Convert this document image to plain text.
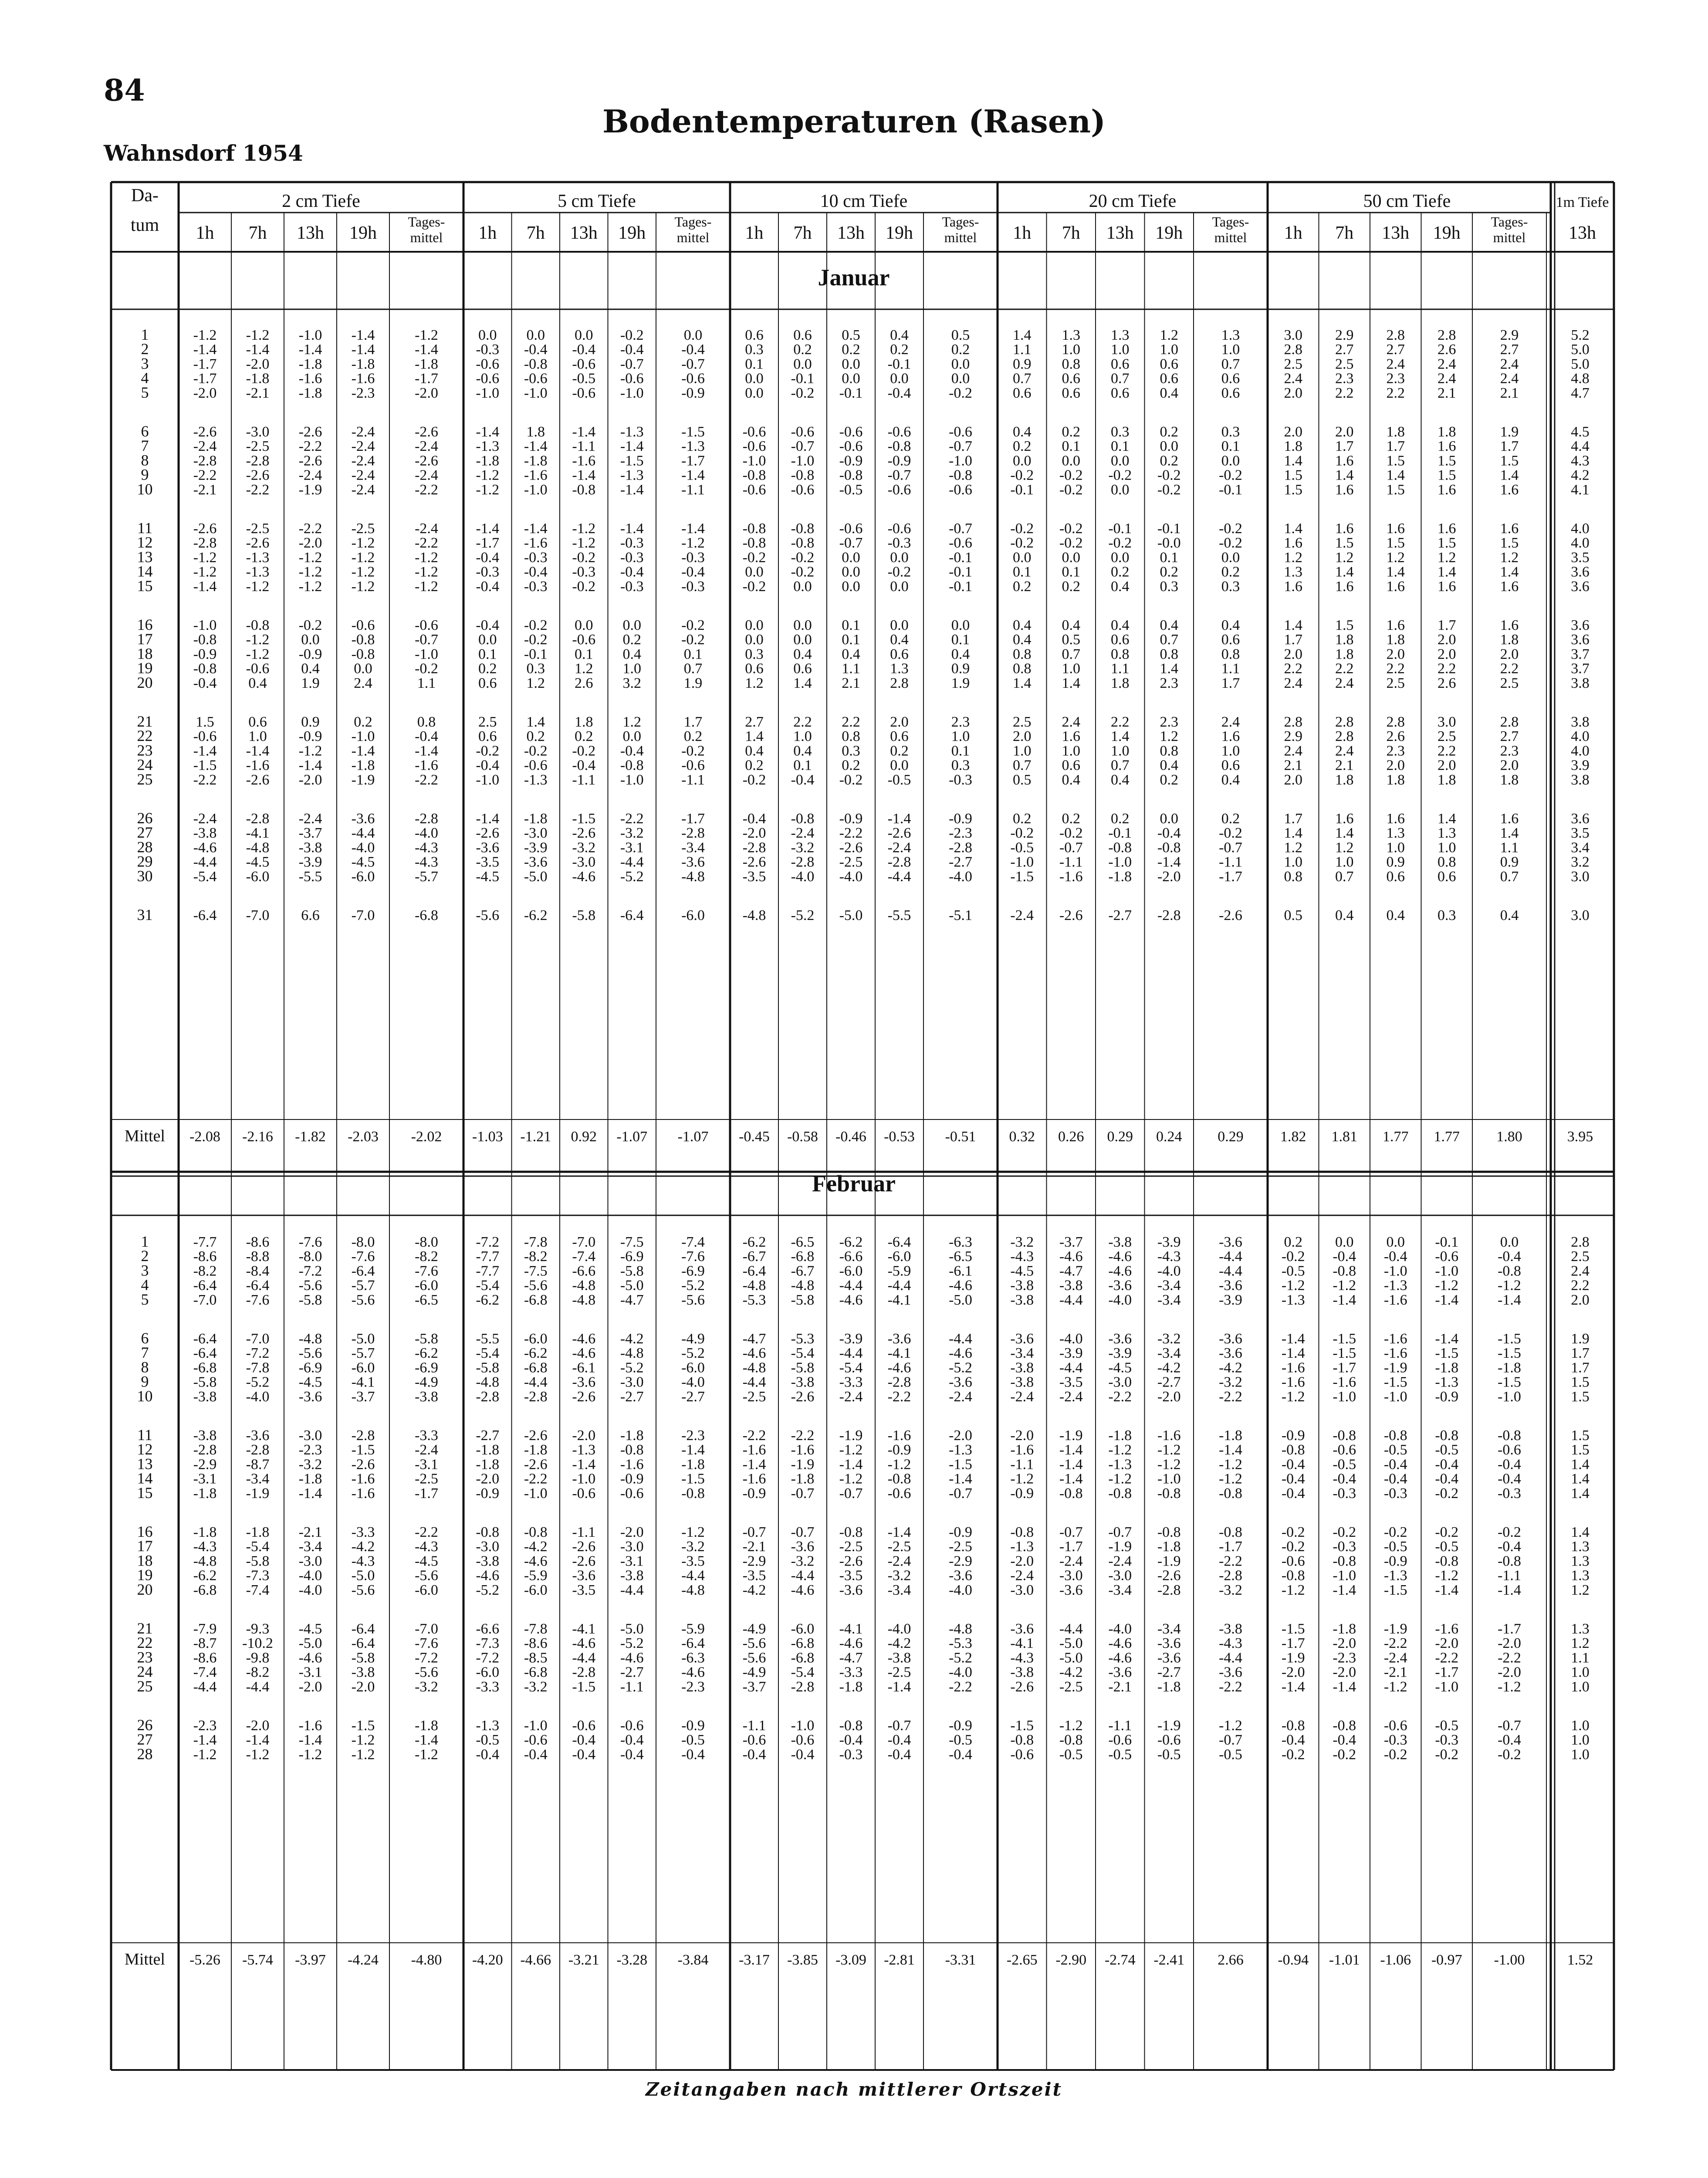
84
Wahnsdorf 1954
Bodentemperaturen (Rasen)
Da-
tum
2 cm Tiefe
1h 7h 13h 19h
Tages-
mittel
5 cm Tiefe
1h 7h 13h 19h
Tages-
mittel
10 cm Tiefe
1h 7h 13h 19h
Tages-
mittel
20 cm Tiefe
1h 7h 13h 19h
Tages-
mittel
50 cm Tiefe
1h 7h 13h 19h
Tages-
mittel
1m Tiefe
13h
Januar
1	-1.2 -1.2 -1.0 -1.4	-1.2	0.0 0.0 0.0 -0.2	0.0	0.6 0.6 0.5 0.4	0.5	1.4 1.3 1.3 1.2	1.3	3.0 2.9 2.8 2.8	2.9	5.2
2	-1.4 -1.4 -1.4 -1.4	-1.4	-0.3 -0.4 -0.4 -0.4	-0.4	0.3 0.2 0.2 0.2	0.2	1.1 1.0 1.0 1.0	1.0	2.8 2.7 2.7 2.6	2.7	5.0
3	-1.7 -2.0 -1.8 -1.8	-1.8	-0.6 -0.8 -0.6 -0.7	-0.7	0.1 0.0 0.0 -0.1	0.0	0.9 0.8 0.6 0.6	0.7	2.5 2.5 2.4 2.4	2.4	5.0
4	-1.7 -1.8 -1.6 -1.6	-1.7	-0.6 -0.6 -0.5 -0.6	-0.6	0.0 -0.1 0.0 0.0	0.0	0.7 0.6 0.7 0.6	0.6	2.4 2.3 2.3 2.4	2.4	4.8
5	-2.0 -2.1 -1.8 -2.3	-2.0	-1.0 -1.0 -0.6 -1.0	-0.9	0.0 -0.2 -0.1 -0.4	-0.2	0.6 0.6 0.6 0.4	0.6	2.0 2.2 2.2 2.1	2.1	4.7
6	-2.6 -3.0 -2.6 -2.4	-2.6	-1.4 1.8 -1.4 -1.3	-1.5	-0.6 -0.6 -0.6 -0.6	-0.6	0.4 0.2 0.3 0.2	0.3	2.0 2.0 1.8 1.8	1.9	4.5
7	-2.4 -2.5 -2.2 -2.4	-2.4	-1.3 -1.4 -1.1 -1.4	-1.3	-0.6 -0.7 -0.6 -0.8	-0.7	0.2 0.1 0.1 0.0	0.1	1.8 1.7 1.7 1.6	1.7	4.4
8	-2.8 -2.8 -2.6 -2.4	-2.6	-1.8 -1.8 -1.6 -1.5	-1.7	-1.0 -1.0 -0.9 -0.9	-1.0	0.0 0.0 0.0 0.2	0.0	1.4 1.6 1.5 1.5	1.5	4.3
9	-2.2 -2.6 -2.4 -2.4	-2.4	-1.2 -1.6 -1.4 -1.3	-1.4	-0.8 -0.8 -0.8 -0.7	-0.8	-0.2 -0.2 -0.2 -0.2	-0.2	1.5 1.4 1.4 1.5	1.4	4.2
10	-2.1 -2.2 -1.9 -2.4	-2.2	-1.2 -1.0 -0.8 -1.4	-1.1	-0.6 -0.6 -0.5 -0.6	-0.6	-0.1 -0.2 0.0 -0.2	-0.1	1.5 1.6 1.5 1.6	1.6	4.1
11	-2.6 -2.5 -2.2 -2.5	-2.4	-1.4 -1.4 -1.2 -1.4	-1.4	-0.8 -0.8 -0.6 -0.6	-0.7	-0.2 -0.2 -0.1 -0.1	-0.2	1.4 1.6 1.6 1.6	1.6	4.0
12	-2.8 -2.6 -2.0 -1.2	-2.2	-1.7 -1.6 -1.2 -0.3	-1.2	-0.8 -0.8 -0.7 -0.3	-0.6	-0.2 -0.2 -0.2 -0.0	-0.2	1.6 1.5 1.5 1.5	1.5	4.0
13	-1.2 -1.3 -1.2 -1.2	-1.2	-0.4 -0.3 -0.2 -0.3	-0.3	-0.2 -0.2 0.0 0.0	-0.1	0.0 0.0 0.0 0.1	0.0	1.2 1.2 1.2 1.2	1.2	3.5
14	-1.2 -1.3 -1.2 -1.2	-1.2	-0.3 -0.4 -0.3 -0.4	-0.4	0.0 -0.2 0.0 -0.2	-0.1	0.1 0.1 0.2 0.2	0.2	1.3 1.4 1.4 1.4	1.4	3.6
15	-1.4 -1.2 -1.2 -1.2	-1.2	-0.4 -0.3 -0.2 -0.3	-0.3	-0.2 0.0 0.0 0.0	-0.1	0.2 0.2 0.4 0.3	0.3	1.6 1.6 1.6 1.6	1.6	3.6
16	-1.0 -0.8 -0.2 -0.6	-0.6	-0.4 -0.2 0.0 0.0	-0.2	0.0 0.0 0.1 0.0	0.0	0.4 0.4 0.4 0.4	0.4	1.4 1.5 1.6 1.7	1.6	3.6
17	-0.8 -1.2 0.0 -0.8	-0.7	0.0 -0.2 -0.6 0.2	-0.2	0.0 0.0 0.1 0.4	0.1	0.4 0.5 0.6 0.7	0.6	1.7 1.8 1.8 2.0	1.8	3.6
18	-0.9 -1.2 -0.9 -0.8	-1.0	0.1 -0.1 0.1 0.4	0.1	0.3 0.4 0.4 0.6	0.4	0.8 0.7 0.8 0.8	0.8	2.0 1.8 2.0 2.0	2.0	3.7
19	-0.8 -0.6 0.4 0.0	-0.2	0.2 0.3 1.2 1.0	0.7	0.6 0.6 1.1 1.3	0.9	0.8 1.0 1.1 1.4	1.1	2.2 2.2 2.2 2.2	2.2	3.7
20	-0.4 0.4 1.9 2.4	1.1	0.6 1.2 2.6 3.2	1.9	1.2 1.4 2.1 2.8	1.9	1.4 1.4 1.8 2.3	1.7	2.4 2.4 2.5 2.6	2.5	3.8
21	1.5 0.6 0.9 0.2	0.8	2.5 1.4 1.8 1.2	1.7	2.7 2.2 2.2 2.0	2.3	2.5 2.4 2.2 2.3	2.4	2.8 2.8 2.8 3.0	2.8	3.8
22	-0.6 1.0 -0.9 -1.0	-0.4	0.6 0.2 0.2 0.0	0.2	1.4 1.0 0.8 0.6	1.0	2.0 1.6 1.4 1.2	1.6	2.9 2.8 2.6 2.5	2.7	4.0
23	-1.4 -1.4 -1.2 -1.4	-1.4	-0.2 -0.2 -0.2 -0.4	-0.2	0.4 0.4 0.3 0.2	0.1	1.0 1.0 1.0 0.8	1.0	2.4 2.4 2.3 2.2	2.3	4.0
24	-1.5 -1.6 -1.4 -1.8	-1.6	-0.4 -0.6 -0.4 -0.8	-0.6	0.2 0.1 0.2 0.0	0.3	0.7 0.6 0.7 0.4	0.6	2.1 2.1 2.0 2.0	2.0	3.9
25	-2.2 -2.6 -2.0 -1.9	-2.2	-1.0 -1.3 -1.1 -1.0	-1.1	-0.2 -0.4 -0.2 -0.5	-0.3	0.5 0.4 0.4 0.2	0.4	2.0 1.8 1.8 1.8	1.8	3.8
26	-2.4 -2.8 -2.4 -3.6	-2.8	-1.4 -1.8 -1.5 -2.2	-1.7	-0.4 -0.8 -0.9 -1.4	-0.9	0.2 0.2 0.2 0.0	0.2	1.7 1.6 1.6 1.4	1.6	3.6
27	-3.8 -4.1 -3.7 -4.4	-4.0	-2.6 -3.0 -2.6 -3.2	-2.8	-2.0 -2.4 -2.2 -2.6	-2.3	-0.2 -0.2 -0.1 -0.4	-0.2	1.4 1.4 1.3 1.3	1.4	3.5
28	-4.6 -4.8 -3.8 -4.0	-4.3	-3.6 -3.9 -3.2 -3.1	-3.4	-2.8 -3.2 -2.6 -2.4	-2.8	-0.5 -0.7 -0.8 -0.8	-0.7	1.2 1.2 1.0 1.0	1.1	3.4
29	-4.4 -4.5 -3.9 -4.5	-4.3	-3.5 -3.6 -3.0 -4.4	-3.6	-2.6 -2.8 -2.5 -2.8	-2.7	-1.0 -1.1 -1.0 -1.4	-1.1	1.0 1.0 0.9 0.8	0.9	3.2
30	-5.4 -6.0 -5.5 -6.0	-5.7	-4.5 -5.0 -4.6 -5.2	-4.8	-3.5 -4.0 -4.0 -4.4	-4.0	-1.5 -1.6 -1.8 -2.0	-1.7	0.8 0.7 0.6 0.6	0.7	3.0
31	-6.4 -7.0 6.6 -7.0	-6.8	-5.6 -6.2 -5.8 -6.4	-6.0	-4.8 -5.2 -5.0 -5.5	-5.1	-2.4 -2.6 -2.7 -2.8	-2.6	0.5 0.4 0.4 0.3	0.4	3.0
Mittel -2.08 -2.16 -1.82 -2.03 -2.02 -1.03 -1.21 0.92 -1.07 -1.07 -0.45 -0.58 -0.46 -0.53 -0.51 0.32 0.26 0.29 0.24 0.29 1.82 1.81 1.77 1.77 1.80	3.95
Februar
1	-7.7 -8.6 -7.6 -8.0	-8.0	-7.2 -7.8 -7.0 -7.5	-7.4	-6.2 -6.5 -6.2 -6.4	-6.3	-3.2 -3.7 -3.8 -3.9	-3.6	0.2 0.0 0.0 -0.1	0.0	2.8
2	-8.6 -8.8 -8.0 -7.6	-8.2	-7.7 -8.2 -7.4 -6.9	-7.6	-6.7 -6.8 -6.6 -6.0	-6.5	-4.3 -4.6 -4.6 -4.3	-4.4	-0.2 -0.4 -0.4 -0.6	-0.4	2.5
3	-8.2 -8.4 -7.2 -6.4	-7.6	-7.7 -7.5 -6.6 -5.8	-6.9	-6.4 -6.7 -6.0 -5.9	-6.1	-4.5 -4.7 -4.6 -4.0	-4.4	-0.5 -0.8 -1.0 -1.0	-0.8	2.4
4	-6.4 -6.4 -5.6 -5.7	-6.0	-5.4 -5.6 -4.8 -5.0	-5.2	-4.8 -4.8 -4.4 -4.4	-4.6	-3.8 -3.8 -3.6 -3.4	-3.6	-1.2 -1.2 -1.3 -1.2	-1.2	2.2
5	-7.0 -7.6 -5.8 -5.6	-6.5	-6.2 -6.8 -4.8 -4.7	-5.6	-5.3 -5.8 -4.6 -4.1	-5.0	-3.8 -4.4 -4.0 -3.4	-3.9	-1.3 -1.4 -1.6 -1.4	-1.4	2.0
6	-6.4 -7.0 -4.8 -5.0	-5.8	-5.5 -6.0 -4.6 -4.2	-4.9	-4.7 -5.3 -3.9 -3.6	-4.4	-3.6 -4.0 -3.6 -3.2	-3.6	-1.4 -1.5 -1.6 -1.4	-1.5	1.9
7	-6.4 -7.2 -5.6 -5.7	-6.2	-5.4 -6.2 -4.6 -4.8	-5.2	-4.6 -5.4 -4.4 -4.1	-4.6	-3.4 -3.9 -3.9 -3.4	-3.6	-1.4 -1.5 -1.6 -1.5	-1.5	1.7
8	-6.8 -7.8 -6.9 -6.0	-6.9	-5.8 -6.8 -6.1 -5.2	-6.0	-4.8 -5.8 -5.4 -4.6	-5.2	-3.8 -4.4 -4.5 -4.2	-4.2	-1.6 -1.7 -1.9 -1.8	-1.8	1.7
9	-5.8 -5.2 -4.5 -4.1	-4.9	-4.8 -4.4 -3.6 -3.0	-4.0	-4.4 -3.8 -3.3 -2.8	-3.6	-3.8 -3.5 -3.0 -2.7	-3.2	-1.6 -1.6 -1.5 -1.3	-1.5	1.5
10	-3.8 -4.0 -3.6 -3.7	-3.8	-2.8 -2.8 -2.6 -2.7	-2.7	-2.5 -2.6 -2.4 -2.2	-2.4	-2.4 -2.4 -2.2 -2.0	-2.2	-1.2 -1.0 -1.0 -0.9	-1.0	1.5
11	-3.8 -3.6 -3.0 -2.8	-3.3	-2.7 -2.6 -2.0 -1.8	-2.3	-2.2 -2.2 -1.9 -1.6	-2.0	-2.0 -1.9 -1.8 -1.6	-1.8	-0.9 -0.8 -0.8 -0.8	-0.8	1.5
12	-2.8 -2.8 -2.3 -1.5	-2.4	-1.8 -1.8 -1.3 -0.8	-1.4	-1.6 -1.6 -1.2 -0.9	-1.3	-1.6 -1.4 -1.2 -1.2	-1.4	-0.8 -0.6 -0.5 -0.5	-0.6	1.5
13	-2.9 -8.7 -3.2 -2.6	-3.1	-1.8 -2.6 -1.4 -1.6	-1.8	-1.4 -1.9 -1.4 -1.2	-1.5	-1.1 -1.4 -1.3 -1.2	-1.2	-0.4 -0.5 -0.4 -0.4	-0.4	1.4
14	-3.1 -3.4 -1.8 -1.6	-2.5	-2.0 -2.2 -1.0 -0.9	-1.5	-1.6 -1.8 -1.2 -0.8	-1.4	-1.2 -1.4 -1.2 -1.0	-1.2	-0.4 -0.4 -0.4 -0.4	-0.4	1.4
15	-1.8 -1.9 -1.4 -1.6	-1.7	-0.9 -1.0 -0.6 -0.6	-0.8	-0.9 -0.7 -0.7 -0.6	-0.7	-0.9 -0.8 -0.8 -0.8	-0.8	-0.4 -0.3 -0.3 -0.2	-0.3	1.4
16	-1.8 -1.8 -2.1 -3.3	-2.2	-0.8 -0.8 -1.1 -2.0	-1.2	-0.7 -0.7 -0.8 -1.4	-0.9	-0.8 -0.7 -0.7 -0.8	-0.8	-0.2 -0.2 -0.2 -0.2	-0.2	1.4
17	-4.3 -5.4 -3.4 -4.2	-4.3	-3.0 -4.2 -2.6 -3.0	-3.2	-2.1 -3.6 -2.5 -2.5	-2.5	-1.3 -1.7 -1.9 -1.8	-1.7	-0.2 -0.3 -0.5 -0.5	-0.4	1.3
18	-4.8 -5.8 -3.0 -4.3	-4.5	-3.8 -4.6 -2.6 -3.1	-3.5	-2.9 -3.2 -2.6 -2.4	-2.9	-2.0 -2.4 -2.4 -1.9	-2.2	-0.6 -0.8 -0.9 -0.8	-0.8	1.3
19	-6.2 -7.3 -4.0 -5.0	-5.6	-4.6 -5.9 -3.6 -3.8	-4.4	-3.5 -4.4 -3.5 -3.2	-3.6	-2.4 -3.0 -3.0 -2.6	-2.8	-0.8 -1.0 -1.3 -1.2	-1.1	1.3
20	-6.8 -7.4 -4.0 -5.6	-6.0	-5.2 -6.0 -3.5 -4.4	-4.8	-4.2 -4.6 -3.6 -3.4	-4.0	-3.0 -3.6 -3.4 -2.8	-3.2	-1.2 -1.4 -1.5 -1.4	-1.4	1.2
21	-7.9 -9.3 -4.5 -6.4	-7.0	-6.6 -7.8 -4.1 -5.0	-5.9	-4.9 -6.0 -4.1 -4.0	-4.8	-3.6 -4.4 -4.0 -3.4	-3.8	-1.5 -1.8 -1.9 -1.6	-1.7	1.3
22	-8.7 -10.2 -5.0 -6.4	-7.6	-7.3 -8.6 -4.6 -5.2	-6.4	-5.6 -6.8 -4.6 -4.2	-5.3	-4.1 -5.0 -4.6 -3.6	-4.3	-1.7 -2.0 -2.2 -2.0	-2.0	1.2
23	-8.6 -9.8 -4.6 -5.8	-7.2	-7.2 -8.5 -4.4 -4.6	-6.3	-5.6 -6.8 -4.7 -3.8	-5.2	-4.3 -5.0 -4.6 -3.6	-4.4	-1.9 -2.3 -2.4 -2.2	-2.2	1.1
24	-7.4 -8.2 -3.1 -3.8	-5.6	-6.0 -6.8 -2.8 -2.7	-4.6	-4.9 -5.4 -3.3 -2.5	-4.0	-3.8 -4.2 -3.6 -2.7	-3.6	-2.0 -2.0 -2.1 -1.7	-2.0	1.0
25	-4.4 -4.4 -2.0 -2.0	-3.2	-3.3 -3.2 -1.5 -1.1	-2.3	-3.7 -2.8 -1.8 -1.4	-2.2	-2.6 -2.5 -2.1 -1.8	-2.2	-1.4 -1.4 -1.2 -1.0	-1.2	1.0
26	-2.3 -2.0 -1.6 -1.5	-1.8	-1.3 -1.0 -0.6 -0.6	-0.9	-1.1 -1.0 -0.8 -0.7	-0.9	-1.5 -1.2 -1.1 -1.9	-1.2	-0.8 -0.8 -0.6 -0.5	-0.7	1.0
27	-1.4 -1.4 -1.4 -1.2	-1.4	-0.5 -0.6 -0.4 -0.4	-0.5	-0.6 -0.6 -0.4 -0.4	-0.5	-0.8 -0.8 -0.6 -0.6	-0.7	-0.4 -0.4 -0.3 -0.3	-0.4	1.0
28	-1.2 -1.2 -1.2 -1.2	-1.2	-0.4 -0.4 -0.4 -0.4	-0.4	-0.4 -0.4 -0.3 -0.4	-0.4	-0.6 -0.5 -0.5 -0.5	-0.5	-0.2 -0.2 -0.2 -0.2	-0.2	1.0
Mittel -5.26 -5.74 -3.97 -4.24 -4.80 -4.20 -4.66 -3.21 -3.28 -3.84 -3.17 -3.85 -3.09 -2.81 -3.31 -2.65 -2.90 -2.74 -2.41 2.66 -0.94 -1.01 -1.06 -0.97 -1.00	1.52
Zeitangaben nach mittlerer Ortszeit
